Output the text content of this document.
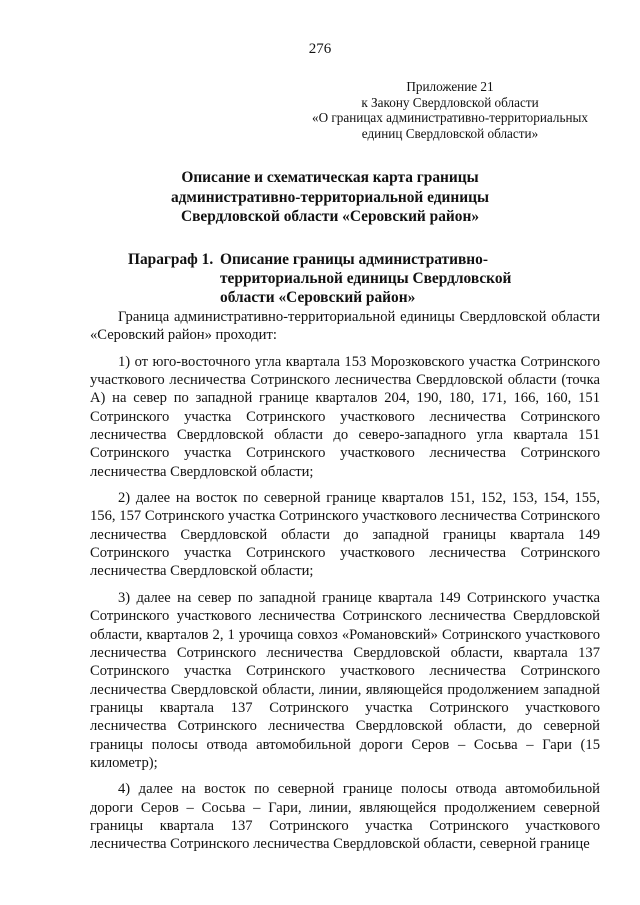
276
Приложение 21
к Закону Свердловской области
«О границах административно-территориальных
единиц Свердловской области»
Описание и схематическая карта границы
административно-территориальной единицы
Свердловской области «Серовский район»
Параграф 1. Описание границы административно-
территориальной единицы Свердловской
области «Серовский район»

Граница административно-территориальной единицы Свердловской области «Серовский район» проходит:

1) от юго-восточного угла квартала 153 Морозковского участка Сотринского участкового лесничества Сотринского лесничества Свердловской области (точка А) на север по западной границе кварталов 204, 190, 180, 171, 166, 160, 151 Сотринского участка Сотринского участкового лесничества Сотринского лесничества Свердловской области до северо-западного угла квартала 151 Сотринского участка Сотринского участкового лесничества Сотринского лесничества Свердловской области;

2) далее на восток по северной границе кварталов 151, 152, 153, 154, 155, 156, 157 Сотринского участка Сотринского участкового лесничества Сотринского лесничества Свердловской области до западной границы квартала 149 Сотринского участка Сотринского участкового лесничества Сотринского лесничества Свердловской области;

3) далее на север по западной границе квартала 149 Сотринского участка Сотринского участкового лесничества Сотринского лесничества Свердловской области, кварталов 2, 1 урочища совхоз «Романовский» Сотринского участкового лесничества Сотринского лесничества Свердловской области, квартала 137 Сотринского участка Сотринского участкового лесничества Сотринского лесничества Свердловской области, линии, являющейся продолжением западной границы квартала 137 Сотринского участка Сотринского участкового лесничества Сотринского лесничества Свердловской области, до северной границы полосы отвода автомобильной дороги Серов – Сосьва – Гари (15 километр);

4) далее на восток по северной границе полосы отвода автомобильной дороги Серов – Сосьва – Гари, линии, являющейся продолжением северной границы квартала 137 Сотринского участка Сотринского участкового лесничества Сотринского лесничества Свердловской области, северной границе
